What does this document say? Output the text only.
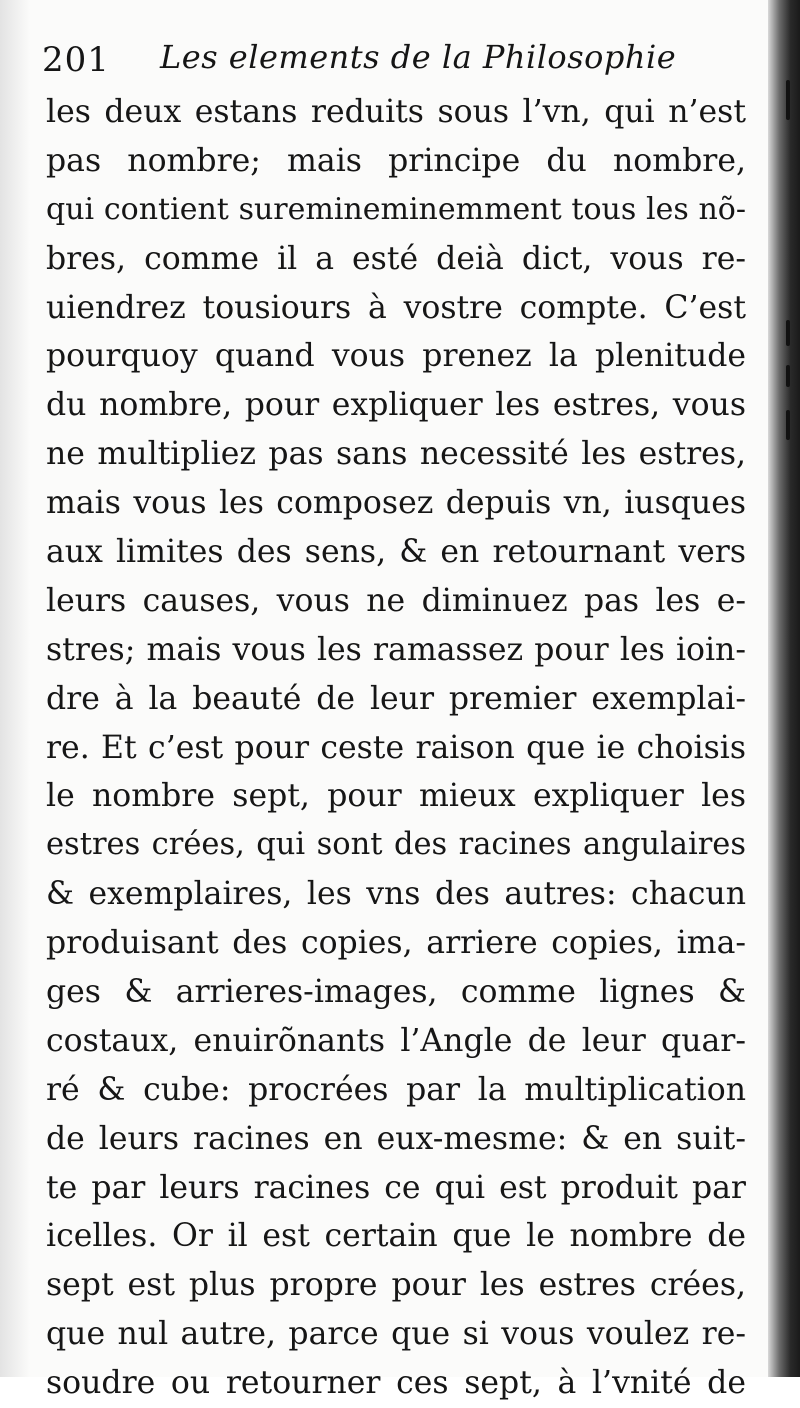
201 Les elements de la Philosophie
les deux estans reduits sous l’vn, qui n’est
pas nombre; mais principe du nombre,
qui contient suremineminemment tous les nõ-
bres, comme il a esté deià dict, vous re-
uiendrez tousiours à vostre compte. C’est
pourquoy quand vous prenez la plenitude
du nombre, pour expliquer les estres, vous
ne multipliez pas sans necessité les estres,
mais vous les composez depuis vn, iusques
aux limites des sens, & en retournant vers
leurs causes, vous ne diminuez pas les e-
stres; mais vous les ramassez pour les ioin-
dre à la beauté de leur premier exemplai-
re. Et c’est pour ceste raison que ie choisis
le nombre sept, pour mieux expliquer les
estres crées, qui sont des racines angulaires
& exemplaires, les vns des autres: chacun
produisant des copies, arriere copies, ima-
ges & arrieres-images, comme lignes &
costaux, enuirõnants l’Angle de leur quar-
ré & cube: procrées par la multiplication
de leurs racines en eux-mesme: & en suit-
te par leurs racines ce qui est produit par
icelles. Or il est certain que le nombre de
sept est plus propre pour les estres crées,
que nul autre, parce que si vous voulez re-
soudre ou retourner ces sept, à l’vnité de
